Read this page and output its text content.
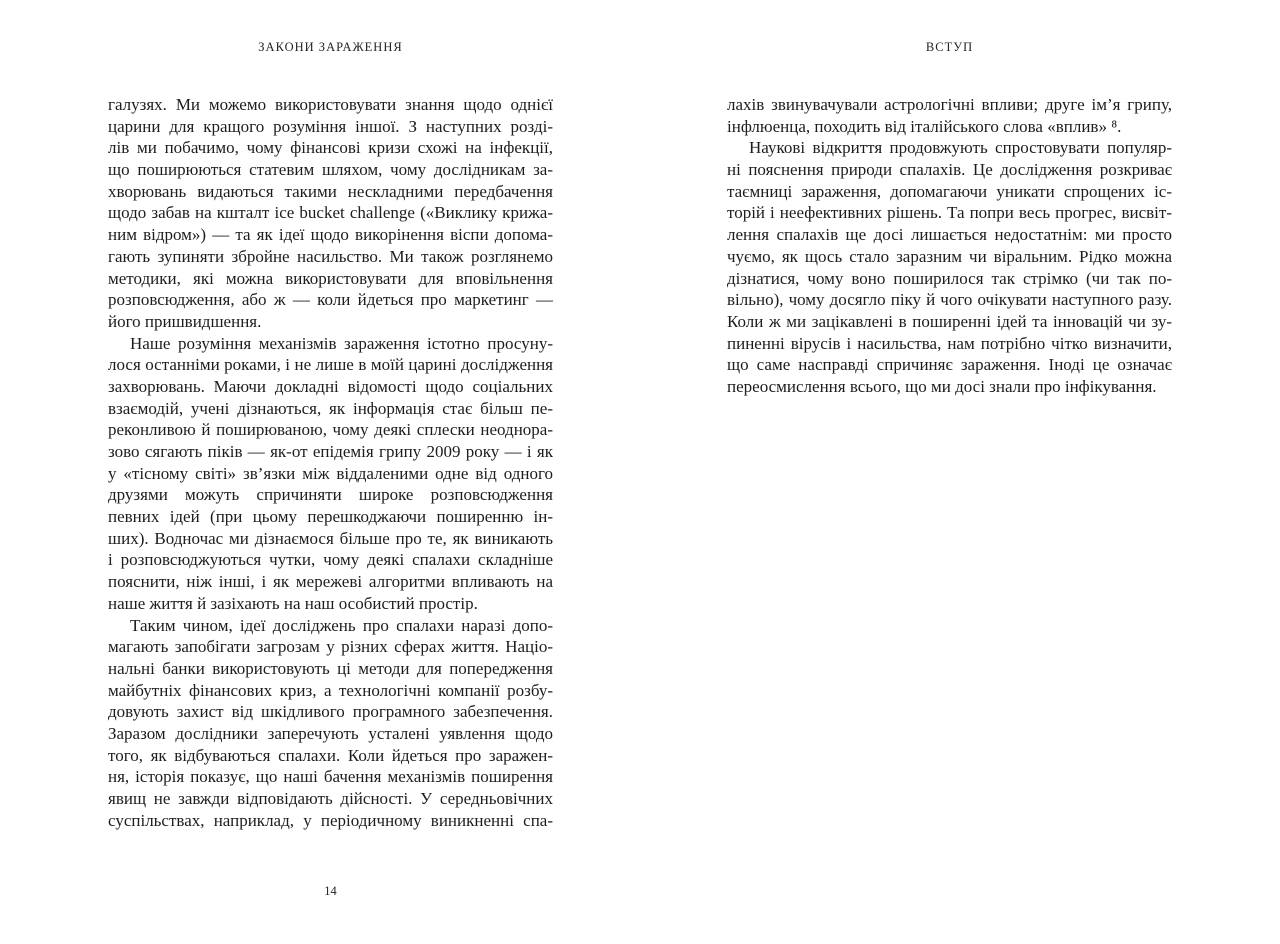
ЗАКОНИ ЗАРАЖЕННЯ
галузях. Ми можемо використовувати знання щодо однієї
царини для кращого розуміння іншої. З наступних розді-
лів ми побачимо, чому фінансові кризи схожі на інфекції,
що поширюються статевим шляхом, чому дослідникам за-
хворювань видаються такими нескладними передбачення
щодо забав на кшталт ice bucket challenge («Виклику крижа-
ним відром») — та як ідеї щодо викорінення віспи допома-
гають зупиняти збройне насильство. Ми також розглянемо
методики, які можна використовувати для вповільнення
розповсюдження, або ж — коли йдеться про маркетинг —
його пришвидшення.
Наше розуміння механізмів зараження істотно просуну-
лося останніми роками, і не лише в моїй царині дослідження
захворювань. Маючи докладні відомості щодо соціальних
взаємодій, учені дізнаються, як інформація стає більш пе-
реконливою й поширюваною, чому деякі сплески неоднора-
зово сягають піків — як-от епідемія грипу 2009 року — і як
у «тісному світі» зв’язки між віддаленими одне від одного
друзями можуть спричиняти широке розповсюдження
певних ідей (при цьому перешкоджаючи поширенню ін-
ших). Водночас ми дізнаємося більше про те, як виникають
і розповсюджуються чутки, чому деякі спалахи складніше
пояснити, ніж інші, і як мережеві алгоритми впливають на
наше життя й зазіхають на наш особистий простір.
Таким чином, ідеї досліджень про спалахи наразі допо-
магають запобігати загрозам у різних сферах життя. Націо-
нальні банки використовують ці методи для попередження
майбутніх фінансових криз, а технологічні компанії розбу-
довують захист від шкідливого програмного забезпечення.
Заразом дослідники заперечують усталені уявлення щодо
того, як відбуваються спалахи. Коли йдеться про заражен-
ня, історія показує, що наші бачення механізмів поширення
явищ не завжди відповідають дійсності. У середньовічних
суспільствах, наприклад, у періодичному виникненні спа-
14
ВСТУП
лахів звинувачували астрологічні впливи; друге ім’я грипу,
інфлюенца, походить від італійського слова «вплив» ⁸.
Наукові відкриття продовжують спростовувати популяр-
ні пояснення природи спалахів. Це дослідження розкриває
таємниці зараження, допомагаючи уникати спрощених іс-
торій і неефективних рішень. Та попри весь прогрес, висвіт-
лення спалахів ще досі лишається недостатнім: ми просто
чуємо, як щось стало заразним чи віральним. Рідко можна
дізнатися, чому воно поширилося так стрімко (чи так по-
вільно), чому досягло піку й чого очікувати наступного разу.
Коли ж ми зацікавлені в поширенні ідей та інновацій чи зу-
пиненні вірусів і насильства, нам потрібно чітко визначити,
що саме насправді спричиняє зараження. Іноді це означає
переосмислення всього, що ми досі знали про інфікування.
